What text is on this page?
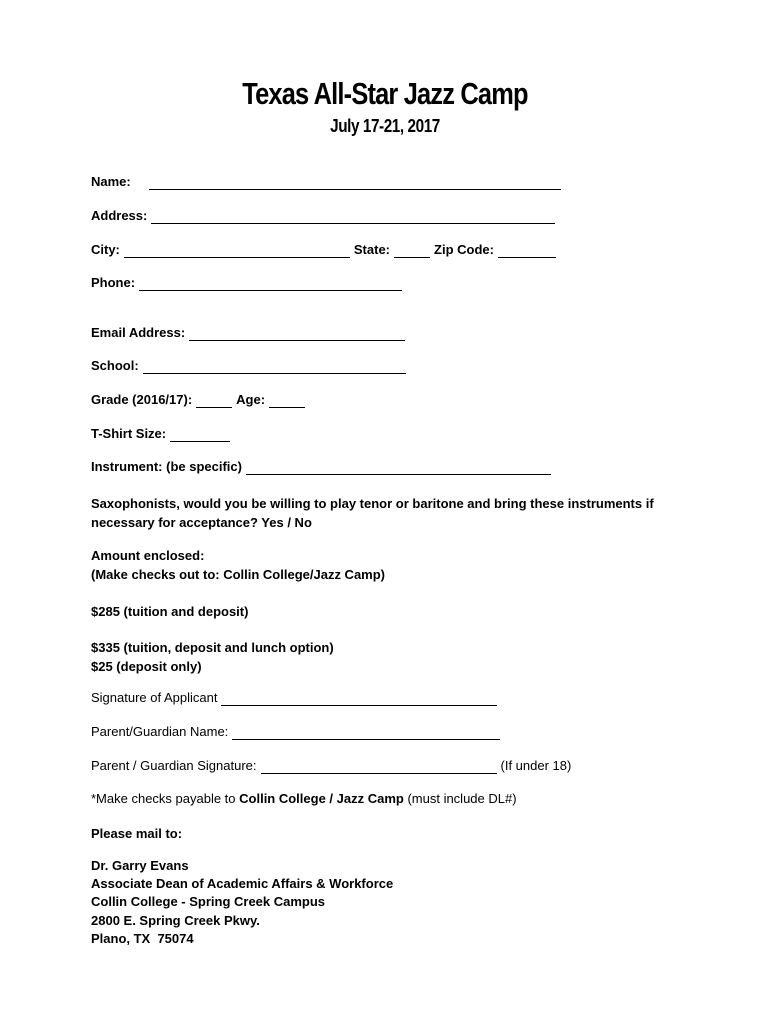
Texas All-Star Jazz Camp
July 17-21, 2017
Name:
Address:
City:	State:	Zip Code:
Phone:
Email Address:
School:
Grade (2016/17):	Age:
T-Shirt Size:
Instrument: (be specific)
Saxophonists, would you be willing to play tenor or baritone and bring these instruments if
necessary for acceptance? Yes / No
Amount enclosed:
(Make checks out to: Collin College/Jazz Camp)
$285 (tuition and deposit)
$335 (tuition, deposit and lunch option)
$25 (deposit only)
Signature of Applicant
Parent/Guardian Name:
Parent / Guardian Signature:	(If under 18)
*Make checks payable to Collin College / Jazz Camp (must include DL#)
Please mail to:
Dr. Garry Evans
Associate Dean of Academic Affairs & Workforce
Collin College - Spring Creek Campus
2800 E. Spring Creek Pkwy.
Plano, TX  75074
